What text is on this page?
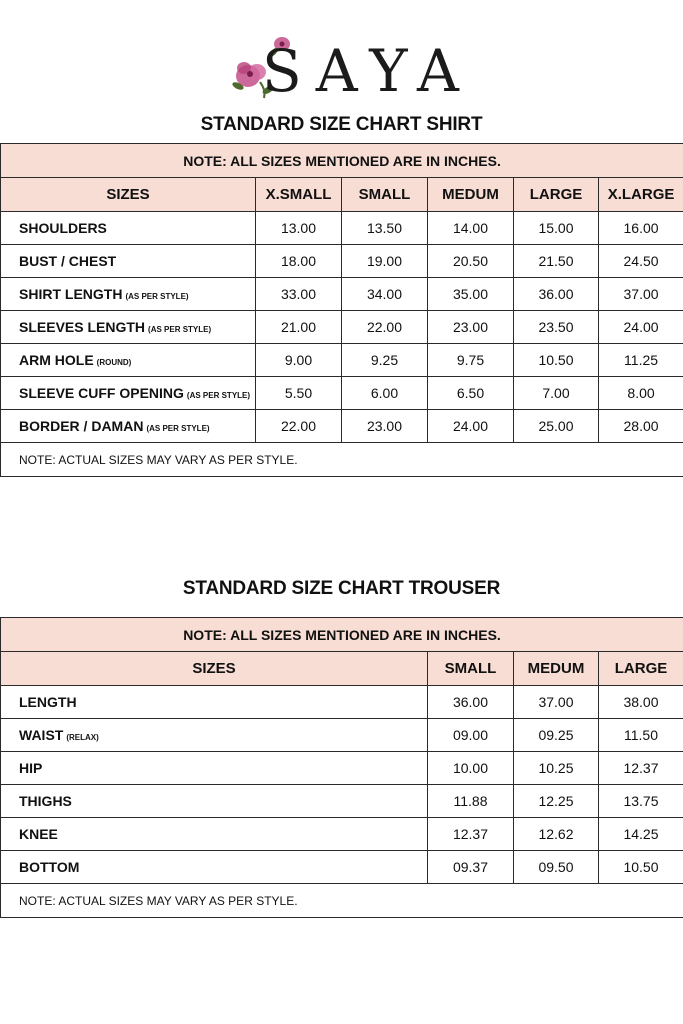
SAYA
STANDARD SIZE CHART SHIRT
NOTE: ALL SIZES MENTIONED ARE IN INCHES.					
SIZES	X.SMALL	SMALL	MEDUM	LARGE	X.LARGE
SHOULDERS	13.00	13.50	14.00	15.00	16.00
BUST / CHEST	18.00	19.00	20.50	21.50	24.50
SHIRT LENGTH (AS PER STYLE)	33.00	34.00	35.00	36.00	37.00
SLEEVES LENGTH (AS PER STYLE)	21.00	22.00	23.00	23.50	24.00
ARM HOLE (ROUND)	9.00	9.25	9.75	10.50	11.25
SLEEVE CUFF OPENING (AS PER STYLE)	5.50	6.00	6.50	7.00	8.00
BORDER / DAMAN (AS PER STYLE)	22.00	23.00	24.00	25.00	28.00
NOTE: ACTUAL SIZES MAY VARY AS PER STYLE.					
STANDARD SIZE CHART TROUSER
NOTE: ALL SIZES MENTIONED ARE IN INCHES.			
SIZES	SMALL	MEDUM	LARGE
LENGTH	36.00	37.00	38.00
WAIST (RELAX)	09.00	09.25	11.50
HIP	10.00	10.25	12.37
THIGHS	11.88	12.25	13.75
KNEE	12.37	12.62	14.25
BOTTOM	09.37	09.50	10.50
NOTE: ACTUAL SIZES MAY VARY AS PER STYLE.			
